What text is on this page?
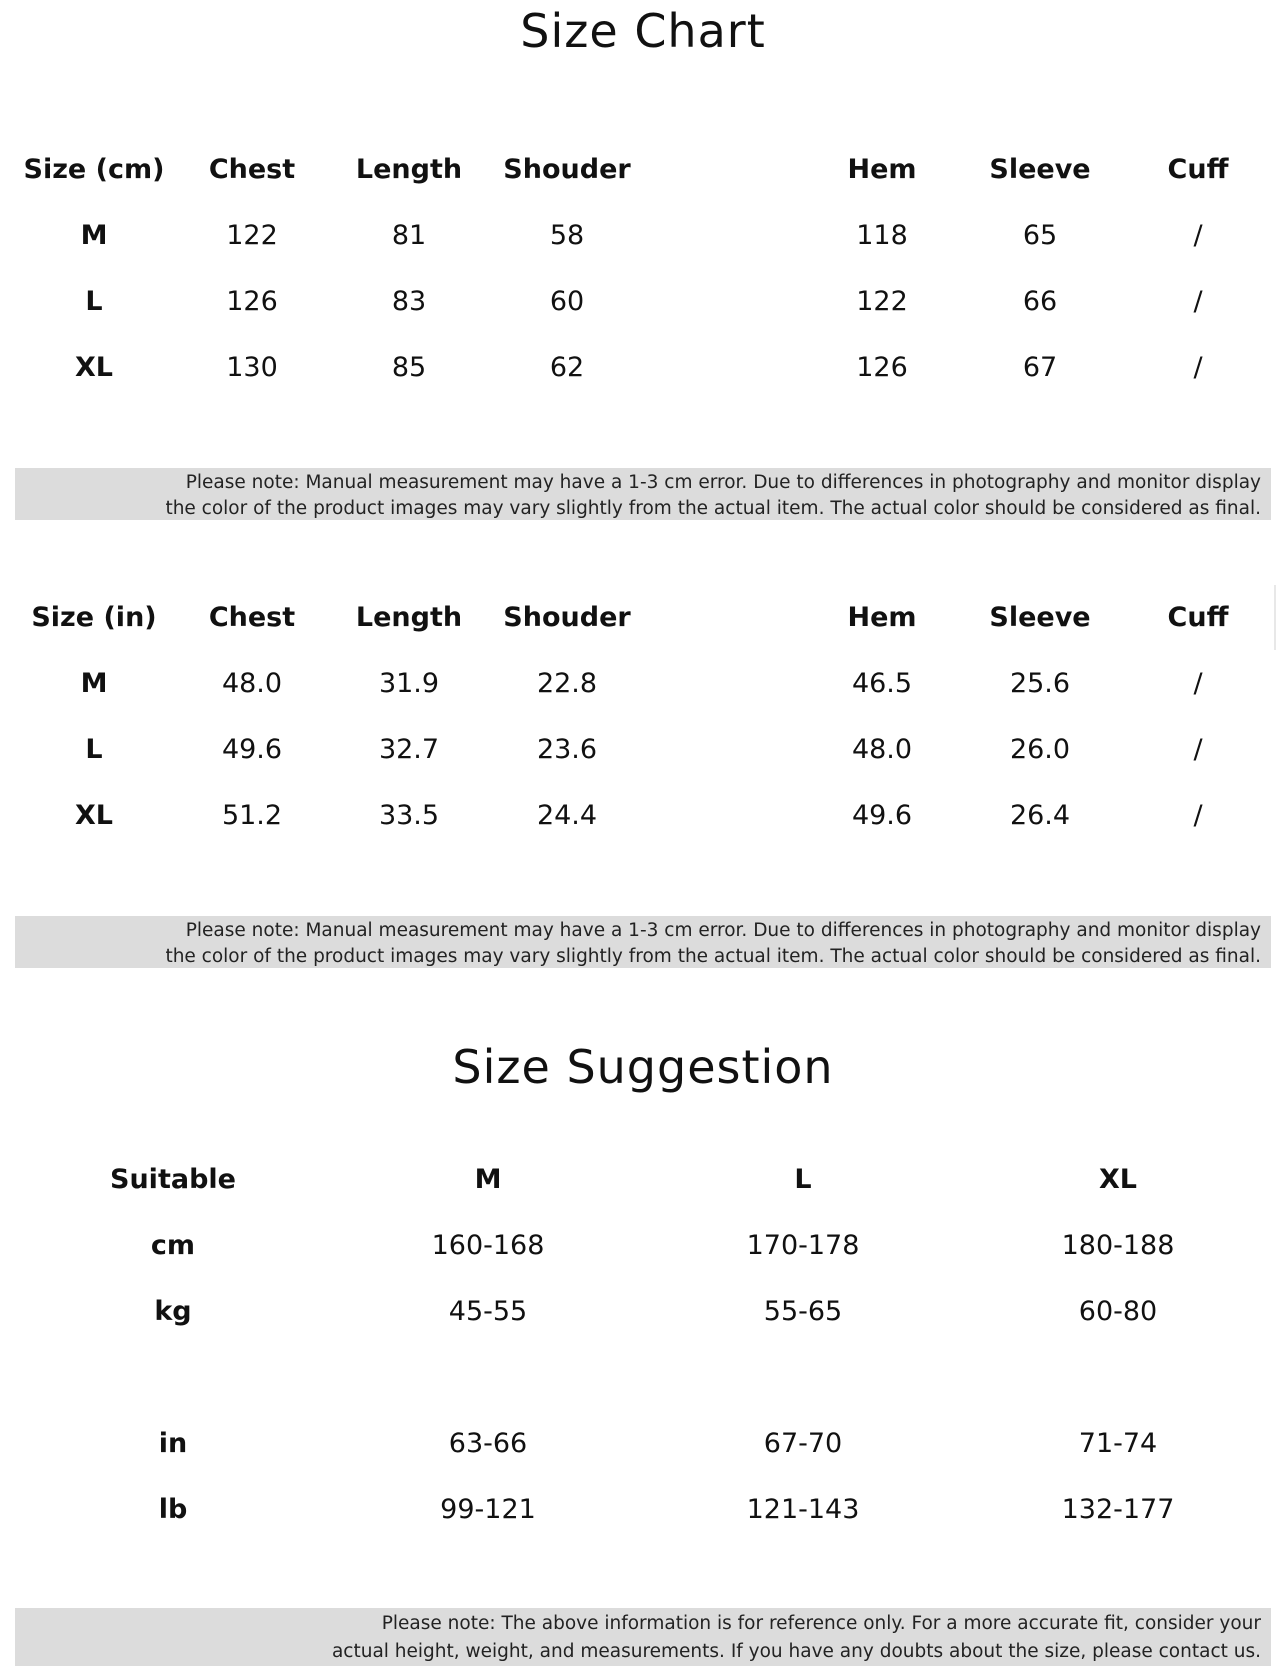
Size Chart
Size (cm)	Chest	Length	Shouder	Hem	Sleeve	Cuff
M	122	81	58	118	65	/
L	126	83	60	122	66	/
XL	130	85	62	126	67	/
Please note: Manual measurement may have a 1-3 cm error. Due to differences in photography and monitor display
the color of the product images may vary slightly from the actual item. The actual color should be considered as final.
Size (in)	Chest	Length	Shouder	Hem	Sleeve	Cuff
M	48.0	31.9	22.8	46.5	25.6	/
L	49.6	32.7	23.6	48.0	26.0	/
XL	51.2	33.5	24.4	49.6	26.4	/
Please note: Manual measurement may have a 1-3 cm error. Due to differences in photography and monitor display
the color of the product images may vary slightly from the actual item. The actual color should be considered as final.
Size Suggestion
Suitable	M	L	XL
cm	160-168	170-178	180-188
kg	45-55	55-65	60-80
in	63-66	67-70	71-74
lb	99-121	121-143	132-177
Please note: The above information is for reference only. For a more accurate fit, consider your
actual height, weight, and measurements. If you have any doubts about the size, please contact us.
